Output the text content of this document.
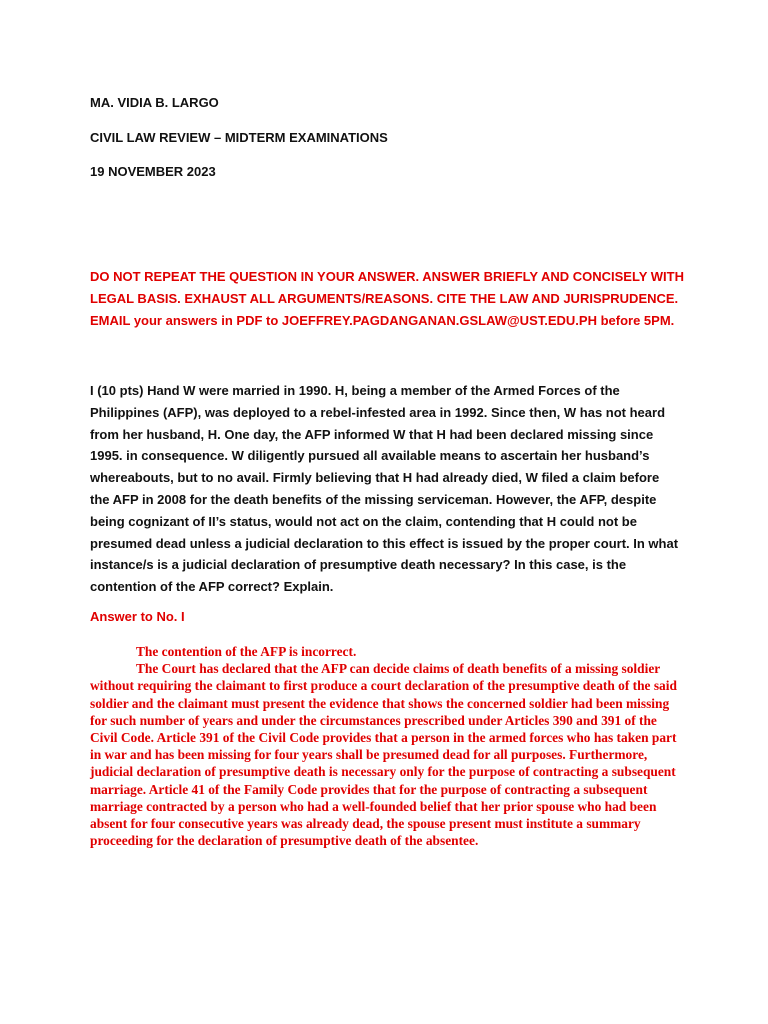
MA. VIDIA B. LARGO

CIVIL LAW REVIEW – MIDTERM EXAMINATIONS

19 NOVEMBER 2023

DO NOT REPEAT THE QUESTION IN YOUR ANSWER. ANSWER BRIEFLY AND CONCISELY WITH LEGAL BASIS. EXHAUST ALL ARGUMENTS/REASONS. CITE THE LAW AND JURISPRUDENCE. EMAIL your answers in PDF to JOEFFREY.PAGDANGANAN.GSLAW@UST.EDU.PH before 5PM.

I (10 pts) Hand W were married in 1990. H, being a member of the Armed Forces of the Philippines (AFP), was deployed to a rebel-infested area in 1992. Since then, W has not heard from her husband, H. One day, the AFP informed W that H had been declared missing since 1995. in consequence. W diligently pursued all available means to ascertain her husband’s whereabouts, but to no avail. Firmly believing that H had already died, W filed a claim before the AFP in 2008 for the death benefits of the missing serviceman. However, the AFP, despite being cognizant of II’s status, would not act on the claim, contending that H could not be presumed dead unless a judicial declaration to this effect is issued by the proper court. In what instance/s is a judicial declaration of presumptive death necessary? In this case, is the contention of the AFP correct? Explain.

Answer to No. I

The contention of the AFP is incorrect.

The Court has declared that the AFP can decide claims of death benefits of a missing soldier without requiring the claimant to first produce a court declaration of the presumptive death of the said soldier and the claimant must present the evidence that shows the concerned soldier had been missing for such number of years and under the circumstances prescribed under Articles 390 and 391 of the Civil Code. Article 391 of the Civil Code provides that a person in the armed forces who has taken part in war and has been missing for four years shall be presumed dead for all purposes. Furthermore, judicial declaration of presumptive death is necessary only for the purpose of contracting a subsequent marriage. Article 41 of the Family Code provides that for the purpose of contracting a subsequent marriage contracted by a person who had a well-founded belief that her prior spouse who had been absent for four consecutive years was already dead, the spouse present must institute a summary proceeding for the declaration of presumptive death of the absentee.
